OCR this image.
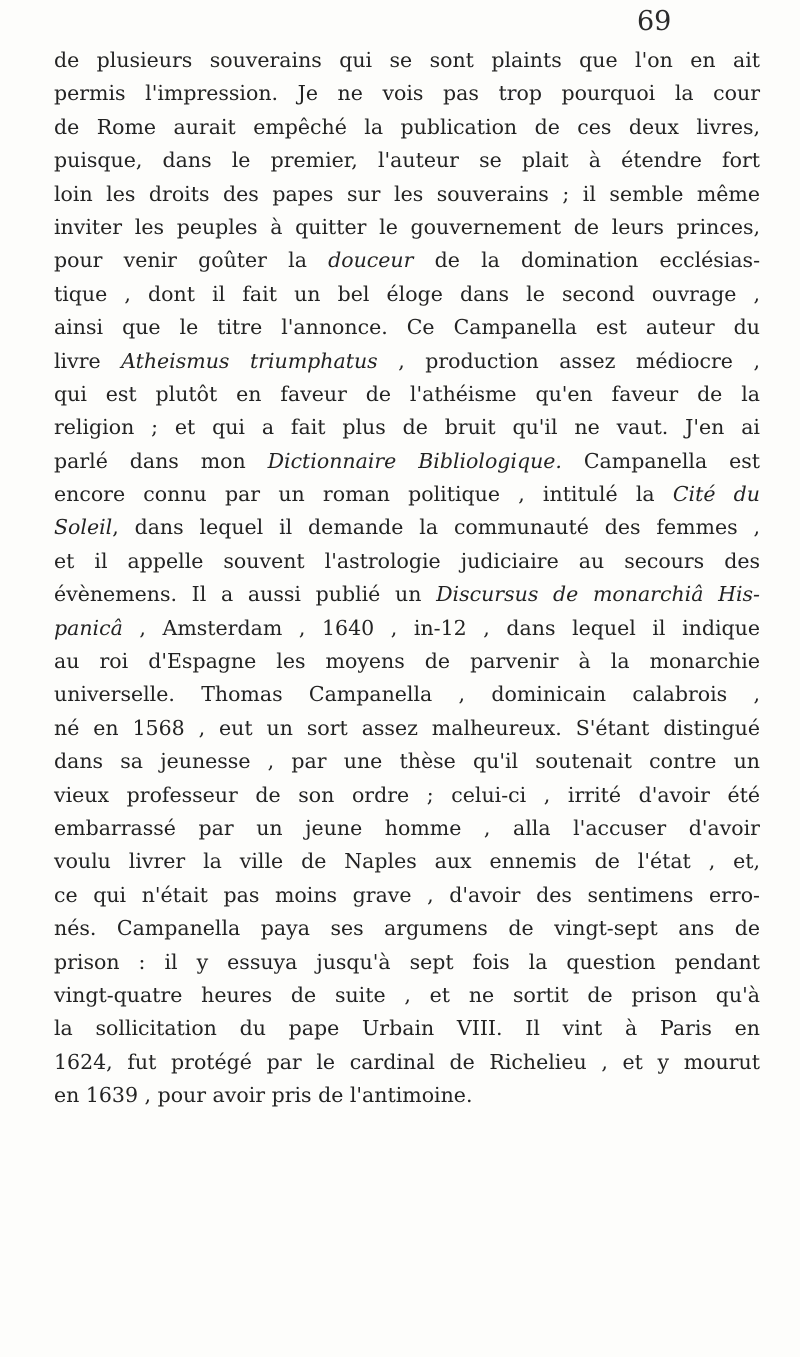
69
de plusieurs souverains qui se sont plaints que l'on en ait
permis l'impression. Je ne vois pas trop pourquoi la cour
de Rome aurait empêché la publication de ces deux livres,
puisque, dans le premier, l'auteur se plait à étendre fort
loin les droits des papes sur les souverains ; il semble même
inviter les peuples à quitter le gouvernement de leurs princes,
pour venir goûter la douceur de la domination ecclésias-
tique , dont il fait un bel éloge dans le second ouvrage ,
ainsi que le titre l'annonce. Ce Campanella est auteur du
livre Atheismus triumphatus , production assez médiocre ,
qui est plutôt en faveur de l'athéisme qu'en faveur de la
religion ; et qui a fait plus de bruit qu'il ne vaut. J'en ai
parlé dans mon Dictionnaire Bibliologique. Campanella est
encore connu par un roman politique , intitulé la Cité du
Soleil, dans lequel il demande la communauté des femmes ,
et il appelle souvent l'astrologie judiciaire au secours des
évènemens. Il a aussi publié un Discursus de monarchiâ His-
panicâ , Amsterdam , 1640 , in-12 , dans lequel il indique
au roi d'Espagne les moyens de parvenir à la monarchie
universelle. Thomas Campanella , dominicain calabrois ,
né en 1568 , eut un sort assez malheureux. S'étant distingué
dans sa jeunesse , par une thèse qu'il soutenait contre un
vieux professeur de son ordre ; celui-ci , irrité d'avoir été
embarrassé par un jeune homme , alla l'accuser d'avoir
voulu livrer la ville de Naples aux ennemis de l'état , et,
ce qui n'était pas moins grave , d'avoir des sentimens erro-
nés. Campanella paya ses argumens de vingt-sept ans de
prison : il y essuya jusqu'à sept fois la question pendant
vingt-quatre heures de suite , et ne sortit de prison qu'à
la sollicitation du pape Urbain VIII. Il vint à Paris en
1624, fut protégé par le cardinal de Richelieu , et y mourut
en 1639 , pour avoir pris de l'antimoine.
